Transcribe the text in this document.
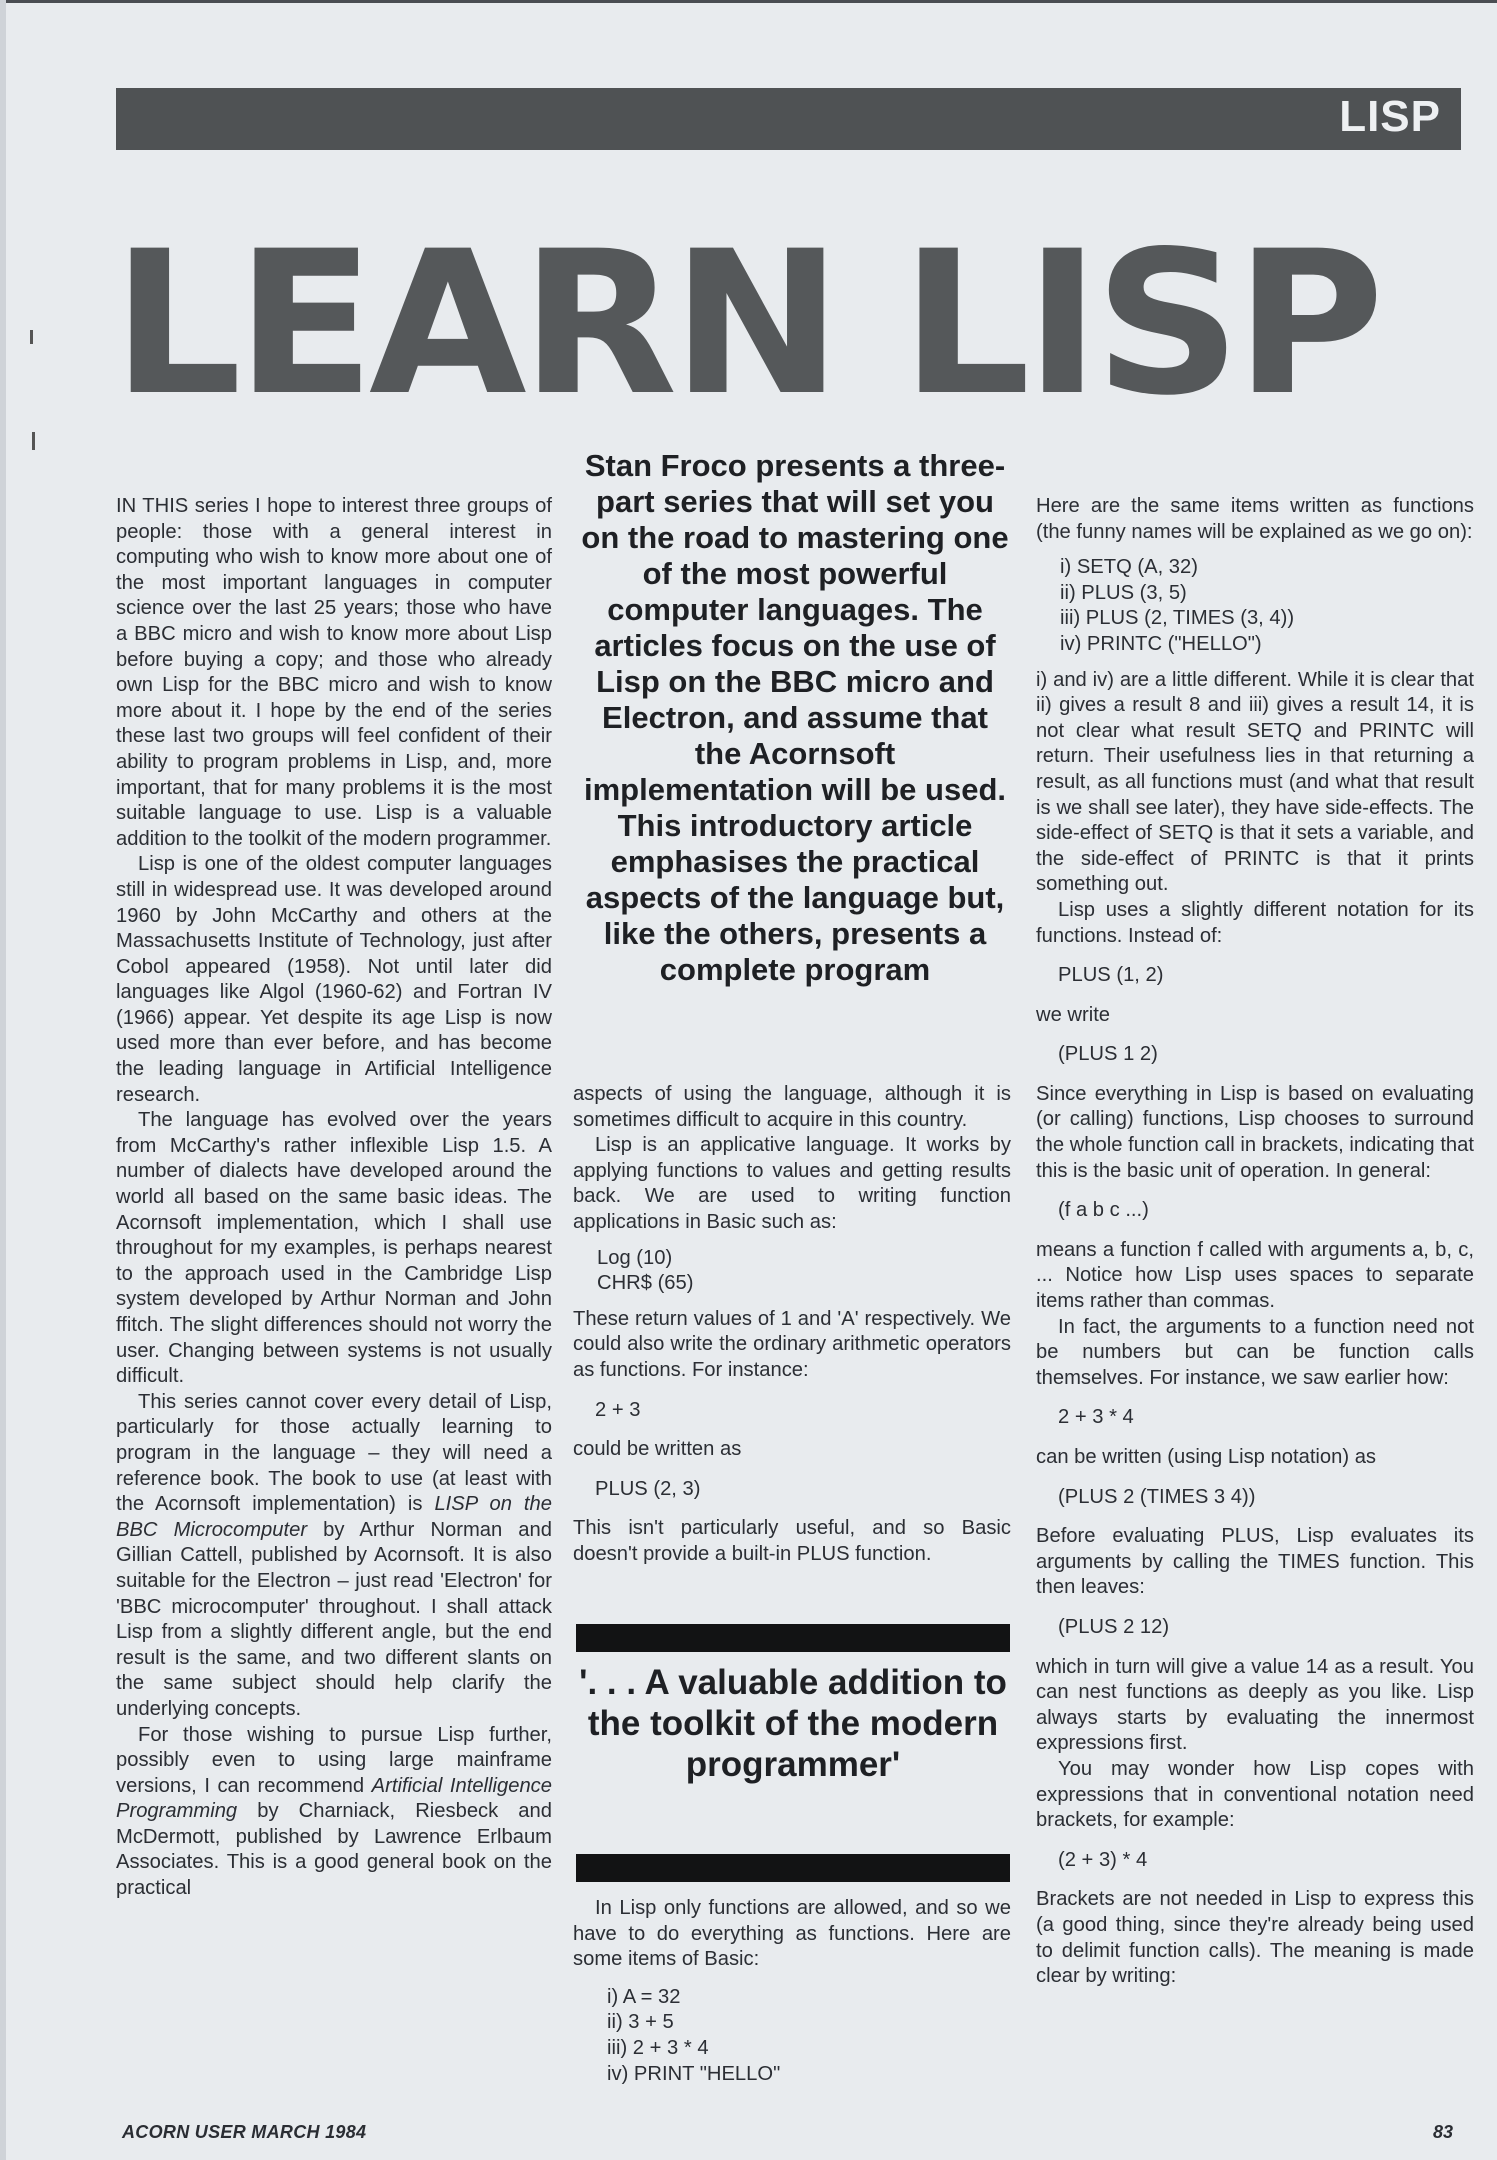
LISP
LEARN LISP

IN THIS series I hope to interest three groups of people: those with a general interest in computing who wish to know more about one of the most important languages in computer science over the last 25 years; those who have a BBC micro and wish to know more about Lisp before buying a copy; and those who already own Lisp for the BBC micro and wish to know more about it. I hope by the end of the series these last two groups will feel confident of their ability to program problems in Lisp, and, more important, that for many problems it is the most suitable language to use. Lisp is a valuable addition to the toolkit of the modern programmer.

Lisp is one of the oldest computer languages still in widespread use. It was developed around 1960 by John McCarthy and others at the Massachusetts Institute of Technology, just after Cobol appeared (1958). Not until later did languages like Algol (1960-62) and Fortran IV (1966) appear. Yet despite its age Lisp is now used more than ever before, and has become the leading language in Artificial Intelligence research.

The language has evolved over the years from McCarthy's rather inflexible Lisp 1.5. A number of dialects have developed around the world all based on the same basic ideas. The Acornsoft implementation, which I shall use throughout for my examples, is perhaps nearest to the approach used in the Cambridge Lisp system developed by Arthur Norman and John ffitch. The slight differences should not worry the user. Changing between systems is not usually difficult.

This series cannot cover every detail of Lisp, particularly for those actually learning to program in the language – they will need a reference book. The book to use (at least with the Acornsoft implementation) is LISP on the BBC Microcomputer by Arthur Norman and Gillian Cattell, published by Acornsoft. It is also suitable for the Electron – just read 'Electron' for 'BBC microcomputer' throughout. I shall attack Lisp from a slightly different angle, but the end result is the same, and two different slants on the same subject should help clarify the underlying concepts.

For those wishing to pursue Lisp further, possibly even to using large mainframe versions, I can recommend Artificial Intelligence Programming by Charniack, Riesbeck and McDermott, published by Lawrence Erlbaum Associates. This is a good general book on the practical

Stan Froco presents a three-part series that will set you on the road to mastering one of the most powerful computer languages. The articles focus on the use of Lisp on the BBC micro and Electron, and assume that the Acornsoft implementation will be used. This introductory article emphasises the practical aspects of the language but, like the others, presents a complete program

aspects of using the language, although it is sometimes difficult to acquire in this country.

Lisp is an applicative language. It works by applying functions to values and getting results back. We are used to writing function applications in Basic such as:

Log (10)
CHR$ (65)

These return values of 1 and 'A' respectively. We could also write the ordinary arithmetic operators as functions. For instance:

2 + 3

could be written as

PLUS (2, 3)

This isn't particularly useful, and so Basic doesn't provide a built-in PLUS function.

'. . . A valuable addition to the toolkit of the modern programmer'

In Lisp only functions are allowed, and so we have to do everything as functions. Here are some items of Basic:

i) A = 32
ii) 3 + 5
iii) 2 + 3 * 4
iv) PRINT "HELLO"

Here are the same items written as functions (the funny names will be explained as we go on):

i) SETQ (A, 32)
ii) PLUS (3, 5)
iii) PLUS (2, TIMES (3, 4))
iv) PRINTC ("HELLO")

i) and iv) are a little different. While it is clear that ii) gives a result 8 and iii) gives a result 14, it is not clear what result SETQ and PRINTC will return. Their usefulness lies in that returning a result, as all functions must (and what that result is we shall see later), they have side-effects. The side-effect of SETQ is that it sets a variable, and the side-effect of PRINTC is that it prints something out.

Lisp uses a slightly different notation for its functions. Instead of:

PLUS (1, 2)

we write

(PLUS 1 2)

Since everything in Lisp is based on evaluating (or calling) functions, Lisp chooses to surround the whole function call in brackets, indicating that this is the basic unit of operation. In general:

(f a b c ...)

means a function f called with arguments a, b, c, ... Notice how Lisp uses spaces to separate items rather than commas.

In fact, the arguments to a function need not be numbers but can be function calls themselves. For instance, we saw earlier how:

2 + 3 * 4

can be written (using Lisp notation) as

(PLUS 2 (TIMES 3 4))

Before evaluating PLUS, Lisp evaluates its arguments by calling the TIMES function. This then leaves:

(PLUS 2 12)

which in turn will give a value 14 as a result. You can nest functions as deeply as you like. Lisp always starts by evaluating the innermost expressions first.

You may wonder how Lisp copes with expressions that in conventional notation need brackets, for example:

(2 + 3) * 4

Brackets are not needed in Lisp to express this (a good thing, since they're already being used to delimit function calls). The meaning is made clear by writing:

ACORN USER MARCH 1984	83
